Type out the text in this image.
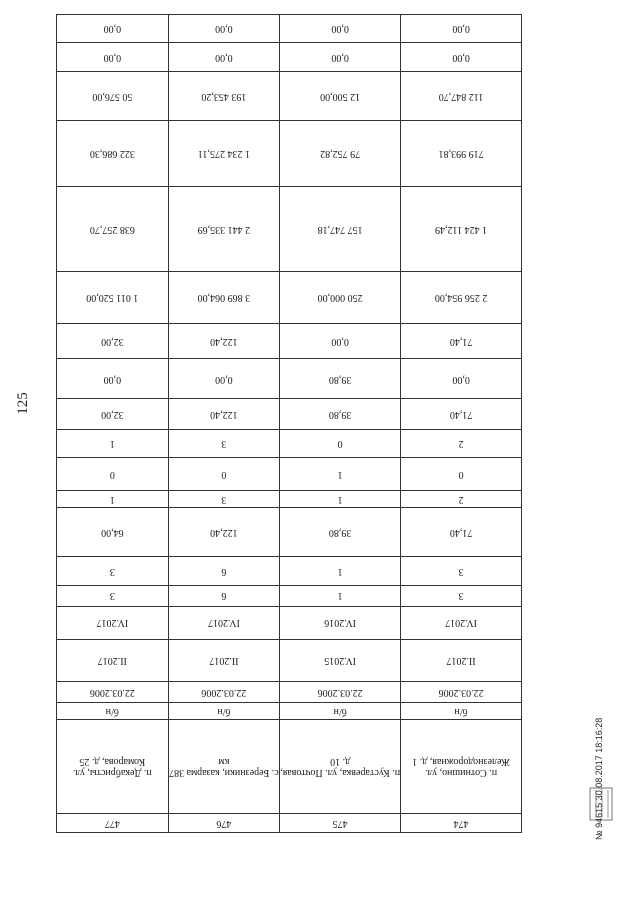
125
474	475	476	477
п. Сотнишно, ул. Железнодорожная, д. 1	п. Кустаревка, ул. Почтовая, д. 10	с. Березники, казарма 387 км	п. Декабристы, ул. Комарова, д. 25
б/н	б/н	б/н	б/н
22.03.2006	22.03.2006	22.03.2006	22.03.2006
II.2017	IV.2015	II.2017	II.2017
IV.2017	IV.2016	IV.2017	IV.2017
3	1	6	3
3	1	6	3
71,40	39,80	122,40	64,00
2	1	3	1
0	1	0	0
2	0	3	1
71,40	39,80	122,40	32,00
0,00	39,80	0,00	0,00
71,40	0,00	122,40	32,00
2 256 954,00	250 000,00	3 869 064,00	1 011 520,00
1 424 112,49	157 747,18	2 441 335,69	638 257,70
719 993,81	79 752,82	1 234 275,11	322 686,30
112 847,70	12 500,00	193 453,20	50 576,00
0,00	0,00	0,00	0,00
0,00	0,00	0,00	0,00
№ 94615 30.08.2017 18:16:28
